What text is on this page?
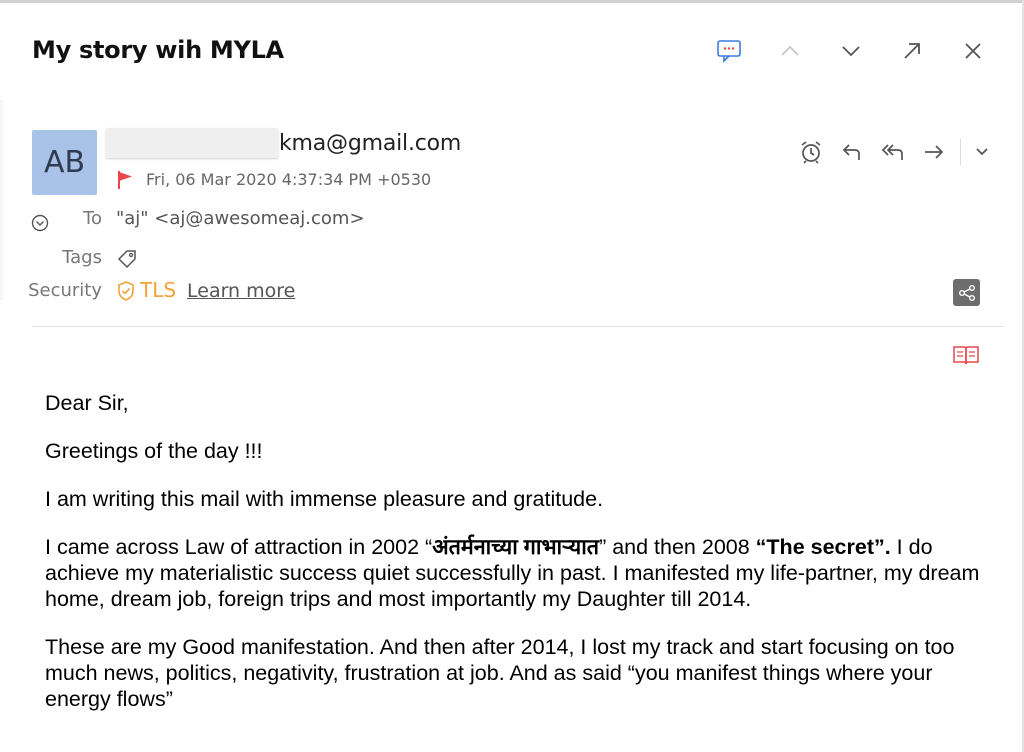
My story wih MYLA
AB
kma@gmail.com
Fri, 06 Mar 2020 4:37:34 PM +0530
To "aj" <aj@awesomeaj.com>
Tags
Security TLS Learn more

Dear Sir,

Greetings of the day !!!

I am writing this mail with immense pleasure and gratitude.

I came across Law of attraction in 2002 “अंतर्मनाच्या गाभाऱ्यात” and then 2008 “The secret”. I do achieve my materialistic success quiet successfully in past. I manifested my life-partner, my dream home, dream job, foreign trips and most importantly my Daughter till 2014.

These are my Good manifestation. And then after 2014, I lost my track and start focusing on too much news, politics, negativity, frustration at job. And as said “you manifest things where your energy flows”
